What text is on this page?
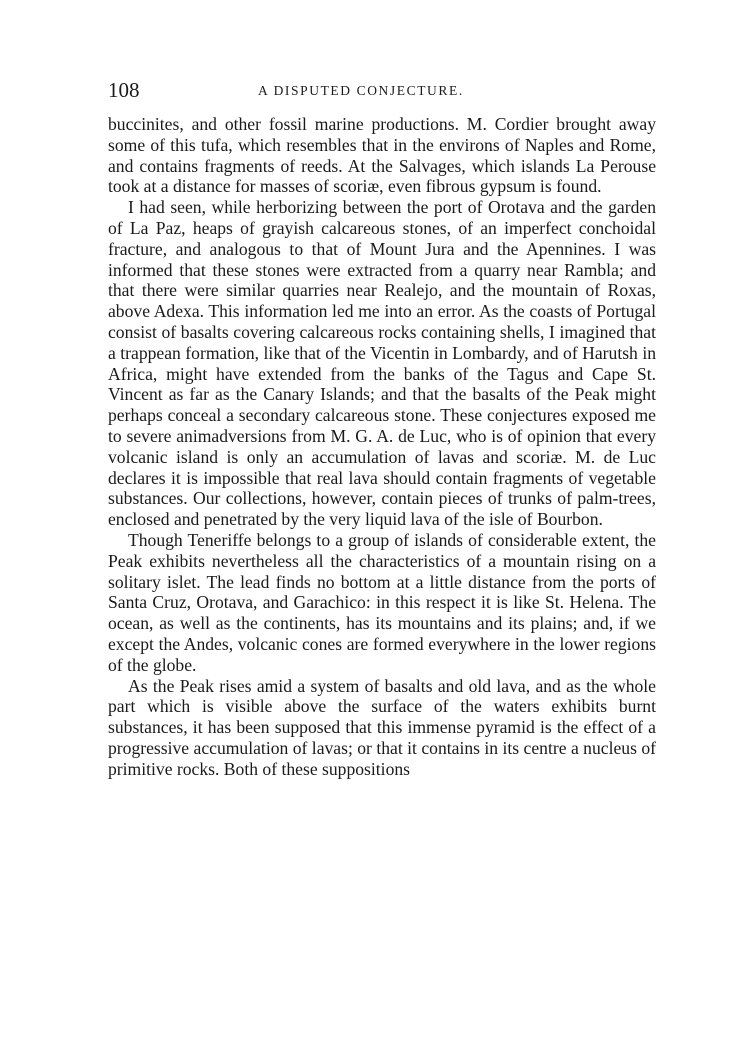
108	A DISPUTED CONJECTURE.

buccinites, and other fossil marine productions. M. Cordier brought away some of this tufa, which resembles that in the environs of Naples and Rome, and contains fragments of reeds. At the Salvages, which islands La Perouse took at a distance for masses of scoriæ, even fibrous gypsum is found.

I had seen, while herborizing between the port of Orotava and the garden of La Paz, heaps of grayish calcareous stones, of an imperfect conchoidal fracture, and analogous to that of Mount Jura and the Apennines. I was informed that these stones were extracted from a quarry near Rambla; and that there were similar quarries near Realejo, and the mountain of Roxas, above Adexa. This information led me into an error. As the coasts of Portugal consist of basalts covering calcareous rocks containing shells, I imagined that a trappean formation, like that of the Vicentin in Lombardy, and of Harutsh in Africa, might have extended from the banks of the Tagus and Cape St. Vincent as far as the Canary Islands; and that the basalts of the Peak might perhaps conceal a secondary calcareous stone. These conjectures exposed me to severe animadversions from M. G. A. de Luc, who is of opinion that every volcanic island is only an accumulation of lavas and scoriæ. M. de Luc declares it is impossible that real lava should contain fragments of vegetable substances. Our collections, however, contain pieces of trunks of palm-trees, enclosed and penetrated by the very liquid lava of the isle of Bourbon.

Though Teneriffe belongs to a group of islands of considerable extent, the Peak exhibits nevertheless all the characteristics of a mountain rising on a solitary islet. The lead finds no bottom at a little distance from the ports of Santa Cruz, Orotava, and Garachico: in this respect it is like St. Helena. The ocean, as well as the continents, has its mountains and its plains; and, if we except the Andes, volcanic cones are formed everywhere in the lower regions of the globe.

As the Peak rises amid a system of basalts and old lava, and as the whole part which is visible above the surface of the waters exhibits burnt substances, it has been supposed that this immense pyramid is the effect of a progressive accumulation of lavas; or that it contains in its centre a nucleus of primitive rocks. Both of these suppositions
